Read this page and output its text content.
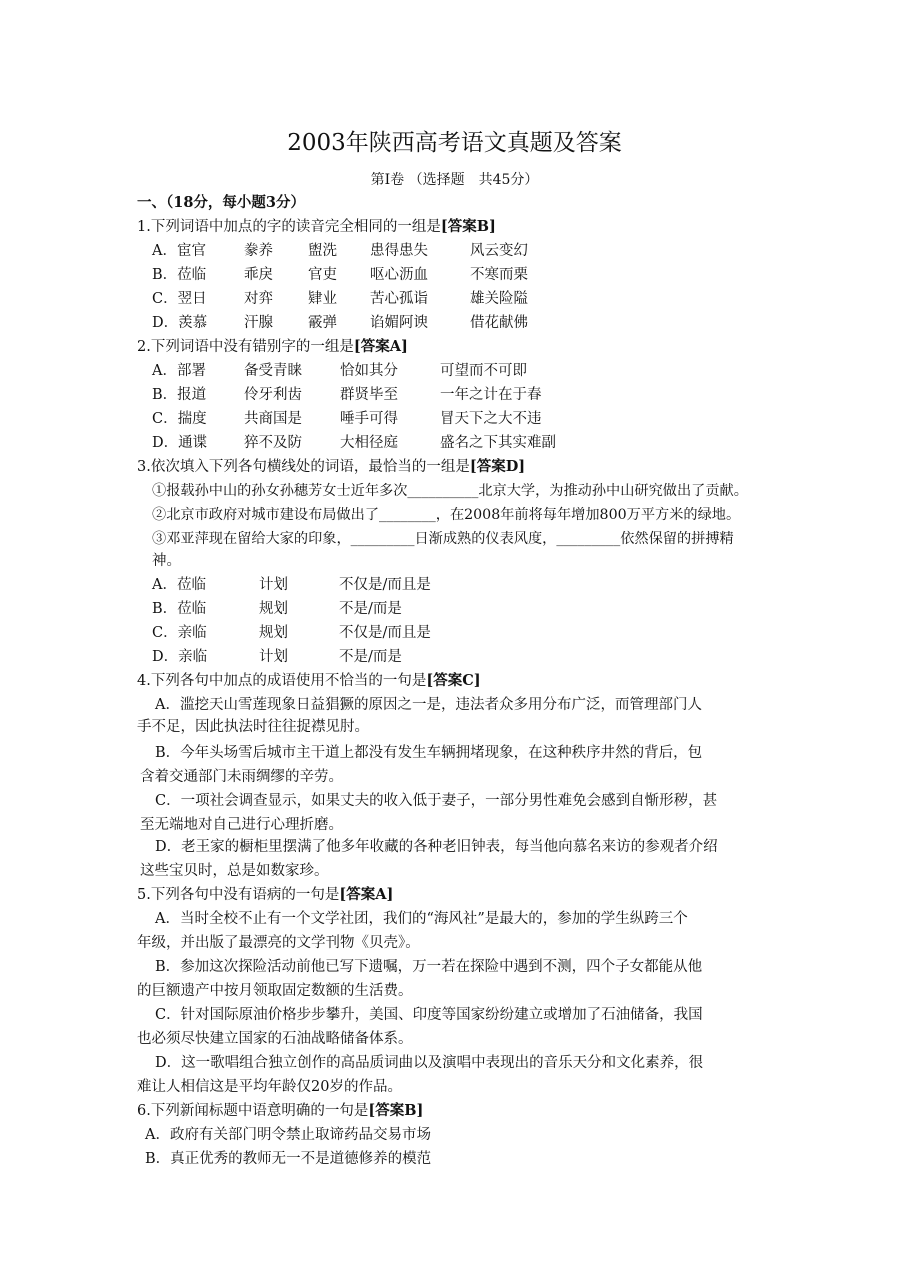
2003年陕西高考语文真题及答案
第Ⅰ卷 （选择题　共45分）
一、（18分，每小题3分）
1.下列词语中加点的字的读音完全相同的一组是[答案B]
A．宦官	豢养 盥洗 患得患失	风云变幻
B．莅临	乖戾 官吏 呕心沥血	不寒而栗
C．翌日	对弈 肄业 苦心孤诣	雄关险隘
D．羡慕	汗腺 霰弹 谄媚阿谀	借花献佛
2.下列词语中没有错别字的一组是[答案A]
A．部署	备受青睐	恰如其分	可望而不可即
B．报道	伶牙利齿	群贤毕至	一年之计在于春
C．揣度	共商国是	唾手可得	冒天下之大不违
D．通谍	猝不及防	大相径庭	盛名之下其实难副
3.依次填入下列各句横线处的词语，最恰当的一组是[答案D]
①报载孙中山的孙女孙穗芳女士近年多次__________北京大学，为推动孙中山研究做出了贡献。
②北京市政府对城市建设布局做出了________，在2008年前将每年增加800万平方米的绿地。
③邓亚萍现在留给大家的印象，_________日渐成熟的仪表风度，_________依然保留的拼搏精
神。
A．莅临	计划	不仅是/而且是
B．莅临	规划	不是/而是
C．亲临	规划	不仅是/而且是
D．亲临	计划	不是/而是
4.下列各句中加点的成语使用不恰当的一句是[答案C]
A．滥挖天山雪莲现象日益猖獗的原因之一是，违法者众多用分布广泛，而管理部门人
手不足，因此执法时往往捉襟见肘。
B．今年头场雪后城市主干道上都没有发生车辆拥堵现象，在这种秩序井然的背后，包
含着交通部门未雨绸缪的辛劳。
C．一项社会调查显示，如果丈夫的收入低于妻子，一部分男性难免会感到自惭形秽，甚
至无端地对自己进行心理折磨。
D．老王家的橱柜里摆满了他多年收藏的各种老旧钟表，每当他向慕名来访的参观者介绍
这些宝贝时，总是如数家珍。
5.下列各句中没有语病的一句是[答案A]
A．当时全校不止有一个文学社团，我们的“海风社”是最大的，参加的学生纵跨三个
年级，并出版了最漂亮的文学刊物《贝壳》。
B．参加这次探险活动前他已写下遗嘱，万一若在探险中遇到不测，四个子女都能从他
的巨额遗产中按月领取固定数额的生活费。
C．针对国际原油价格步步攀升，美国、印度等国家纷纷建立或增加了石油储备，我国
也必须尽快建立国家的石油战略储备体系。
D．这一歌唱组合独立创作的高品质词曲以及演唱中表现出的音乐天分和文化素养，很
难让人相信这是平均年龄仅20岁的作品。
6.下列新闻标题中语意明确的一句是[答案B]
A．政府有关部门明令禁止取谛药品交易市场
B．真正优秀的教师无一不是道德修养的模范
